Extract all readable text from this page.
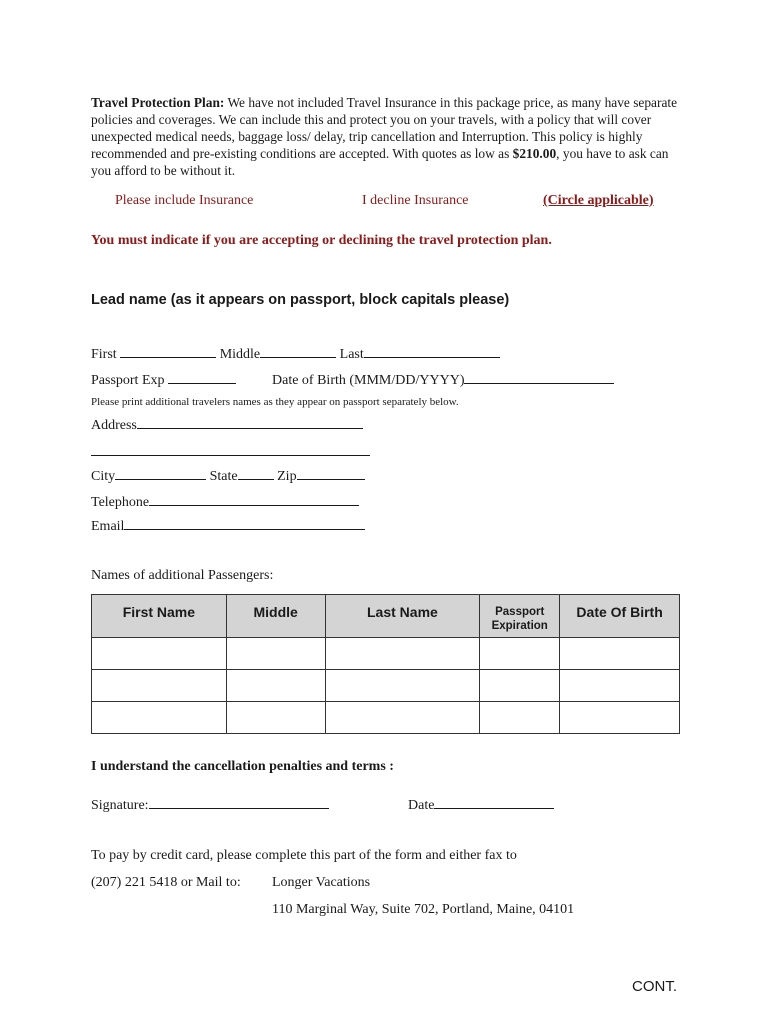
Travel Protection Plan: We have not included Travel Insurance in this package price, as many have separate policies and coverages. We can include this and protect you on your travels, with a policy that will cover unexpected medical needs, baggage loss/ delay, trip cancellation and Interruption. This policy is highly recommended and pre-existing conditions are accepted. With quotes as low as $210.00, you have to ask can you afford to be without it.
Please include Insurance	I decline Insurance	(Circle applicable)
You must indicate if you are accepting or declining the travel protection plan.
Lead name (as it appears on passport, block capitals please)
First	Middle	Last
Passport Exp	Date of Birth (MMM/DD/YYYY)
Please print additional travelers names as they appear on passport separately below.
Address
City	State	Zip
Telephone
Email
Names of additional Passengers:
First Name	Middle	Last Name	Passport Expiration	Date Of Birth

I understand the cancellation penalties and terms :
Signature:	Date
To pay by credit card, please complete this part of the form and either fax to
(207) 221 5418 or Mail to: Longer Vacations
110 Marginal Way, Suite 702, Portland, Maine, 04101
CONT.
